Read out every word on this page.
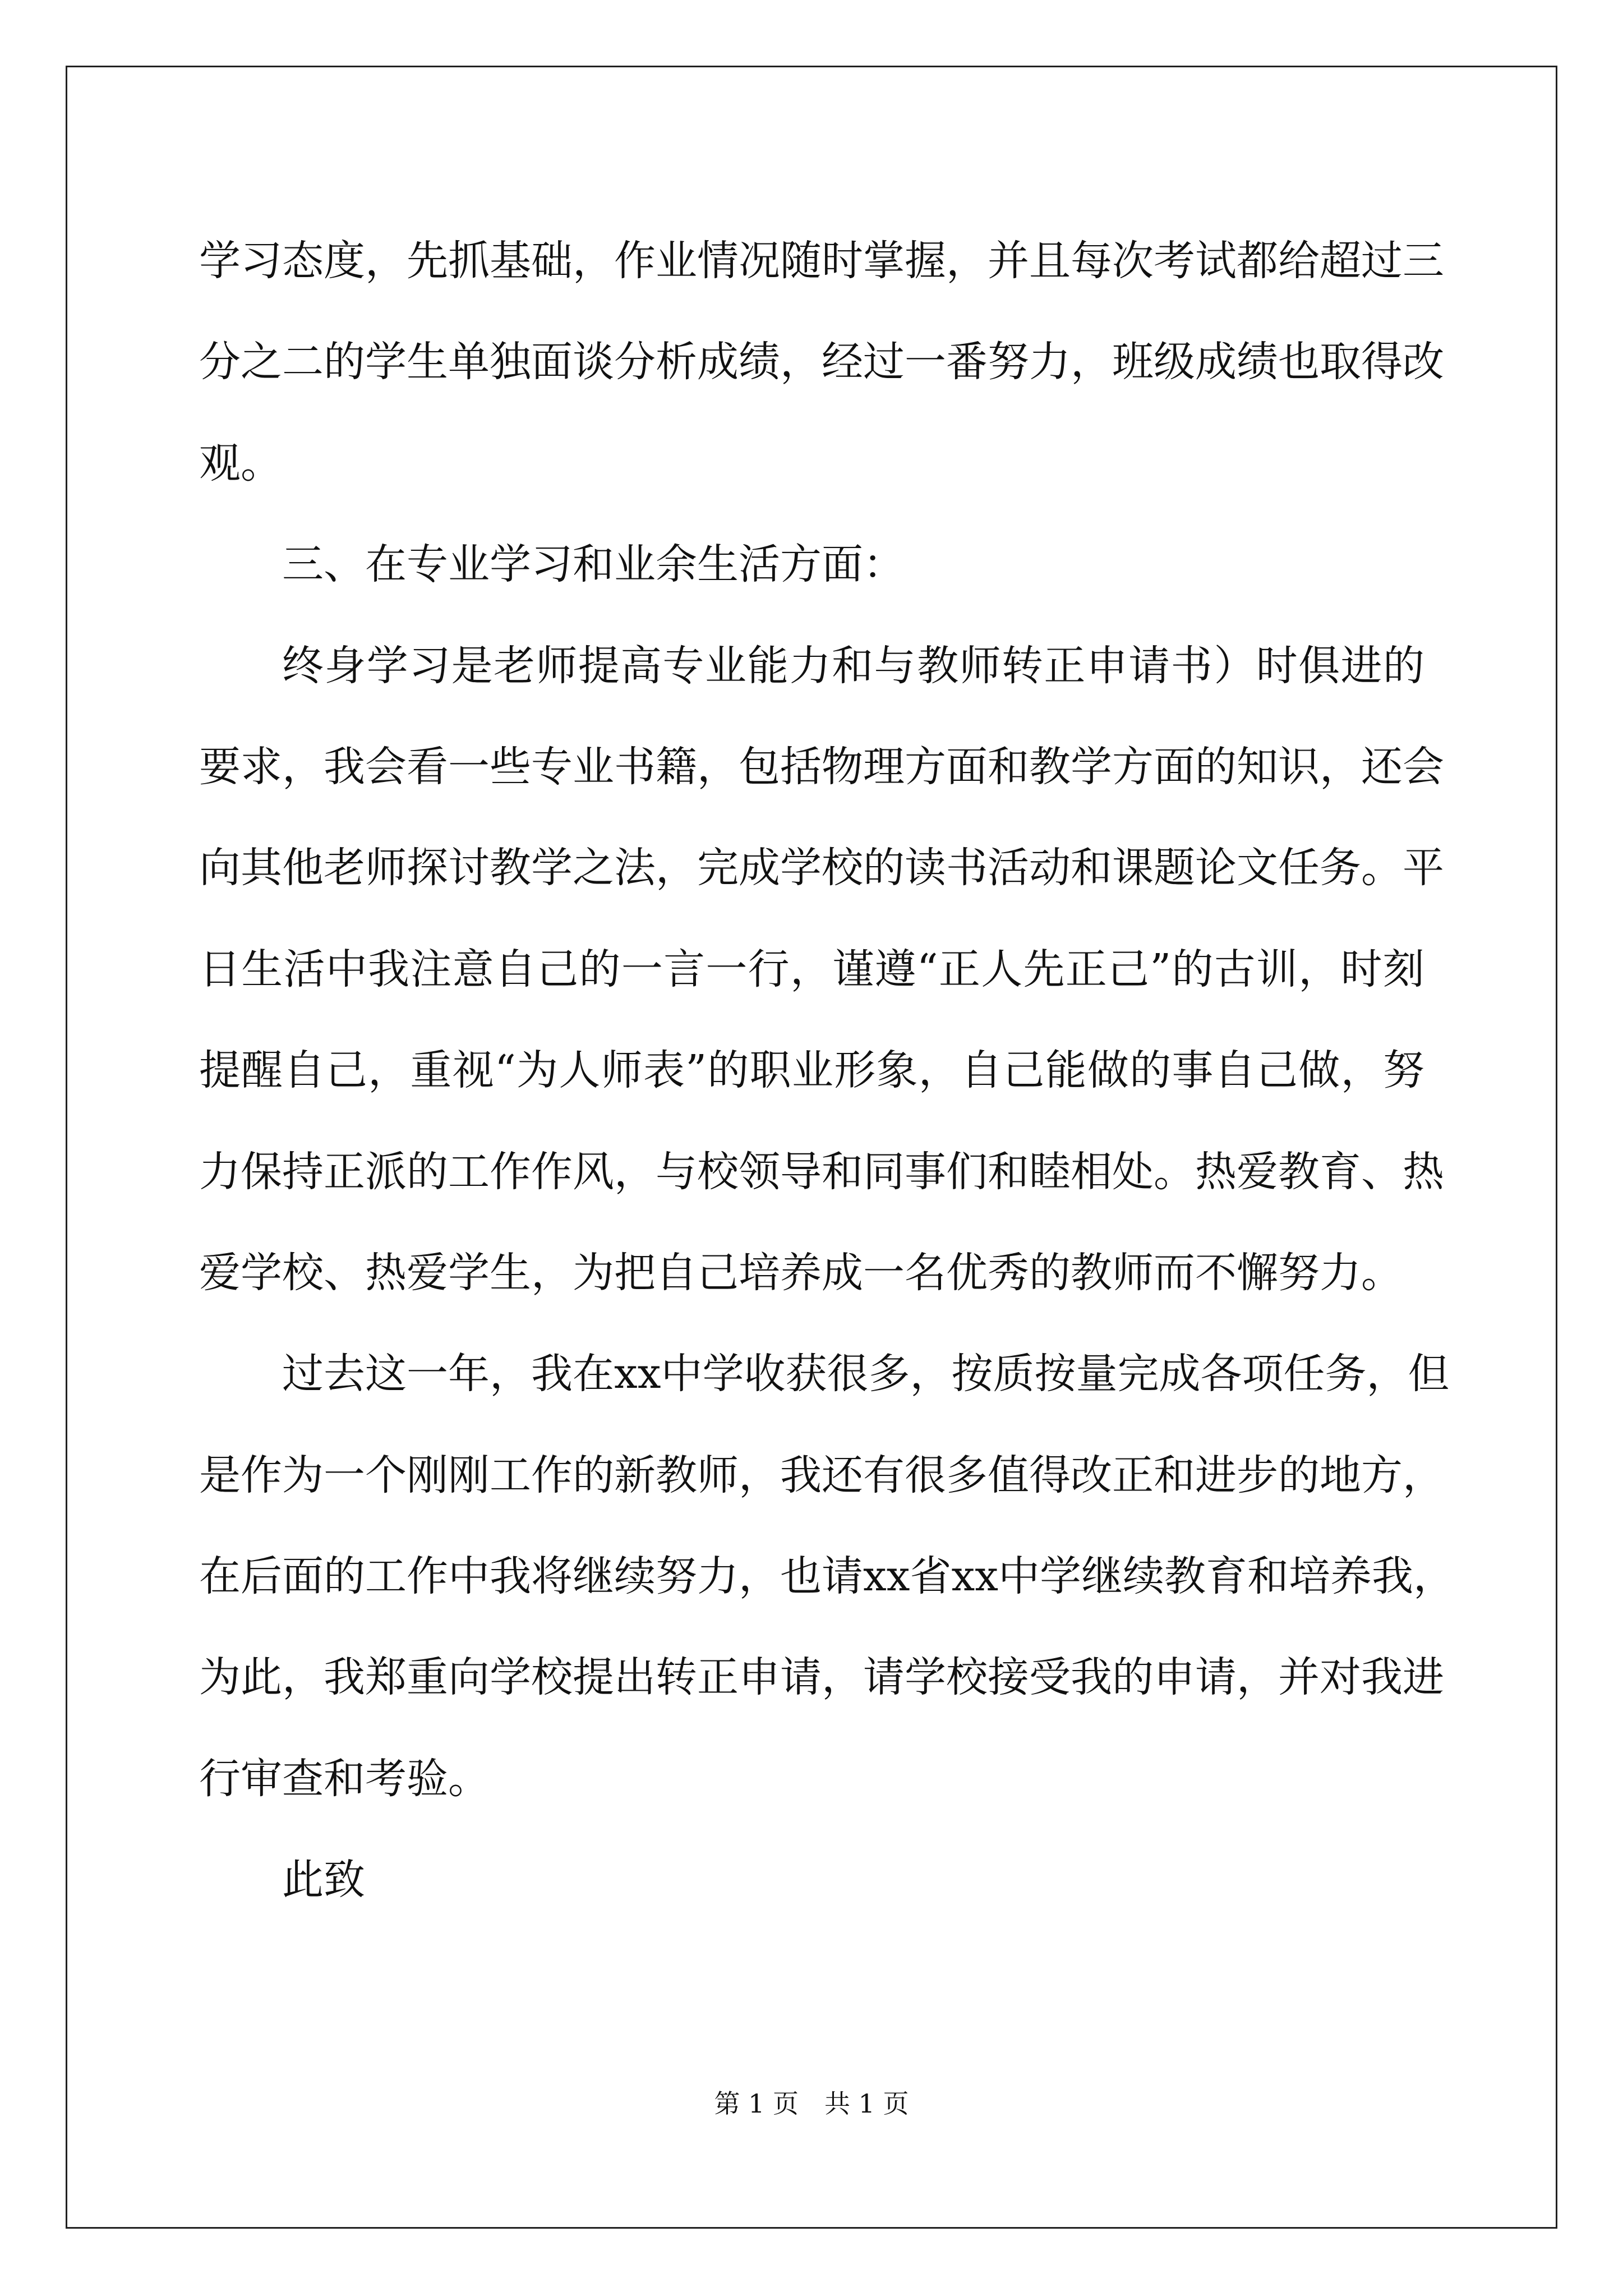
学 习 态 度 ， 先 抓 基 础 ， 作 业 情 况 随 时 掌 握 ， 并 且 每 次 考 试 都 给 超 过 三
分 之 二 的 学 生 单 独 面 谈 分 析 成 绩 ， 经 过 一 番 努 力 ， 班 级 成 绩 也 取 得 改
观。
三、在专业学习和业余生活方面：
终 身 学 习 是 老 师 提 高 专 业 能 力 和 与 教 师 转 正 申 请 书 ） 时 俱 进 的
要 求 ， 我 会 看 一 些 专 业 书 籍 ， 包 括 物 理 方 面 和 教 学 方 面 的 知 识 ， 还 会
向 其 他 老 师 探 讨 教 学 之 法 ， 完 成 学 校 的 读 书 活 动 和 课 题 论 文 任 务 。 平
日 生 活 中 我 注 意 自 己 的 一 言 一 行 ， 谨 遵 “ 正 人 先 正 己 ” 的 古 训 ， 时 刻
提 醒 自 己 ， 重 视 “ 为 人 师 表 ” 的 职 业 形 象 ， 自 己 能 做 的 事 自 己 做 ， 努
力 保 持 正 派 的 工 作 作 风 ， 与 校 领 导 和 同 事 们 和 睦 相 处 。 热 爱 教 育 、 热
爱学校、热爱学生，为把自己培养成一名优秀的教师而不懈努力。
过 去 这 一 年 ， 我 在 xx 中 学 收 获 很 多 ， 按 质 按 量 完 成 各 项 任 务 ， 但
是 作 为 一 个 刚 刚 工 作 的 新 教 师 ， 我 还 有 很 多 值 得 改 正 和 进 步 的 地 方 ，
在 后 面 的 工 作 中 我 将 继 续 努 力 ， 也 请 xx 省 xx 中 学 继 续 教 育 和 培 养 我 ，
为 此 ， 我 郑 重 向 学 校 提 出 转 正 申 请 ， 请 学 校 接 受 我 的 申 请 ， 并 对 我 进
行审查和考验。
此致
第 1 页　共 1 页
